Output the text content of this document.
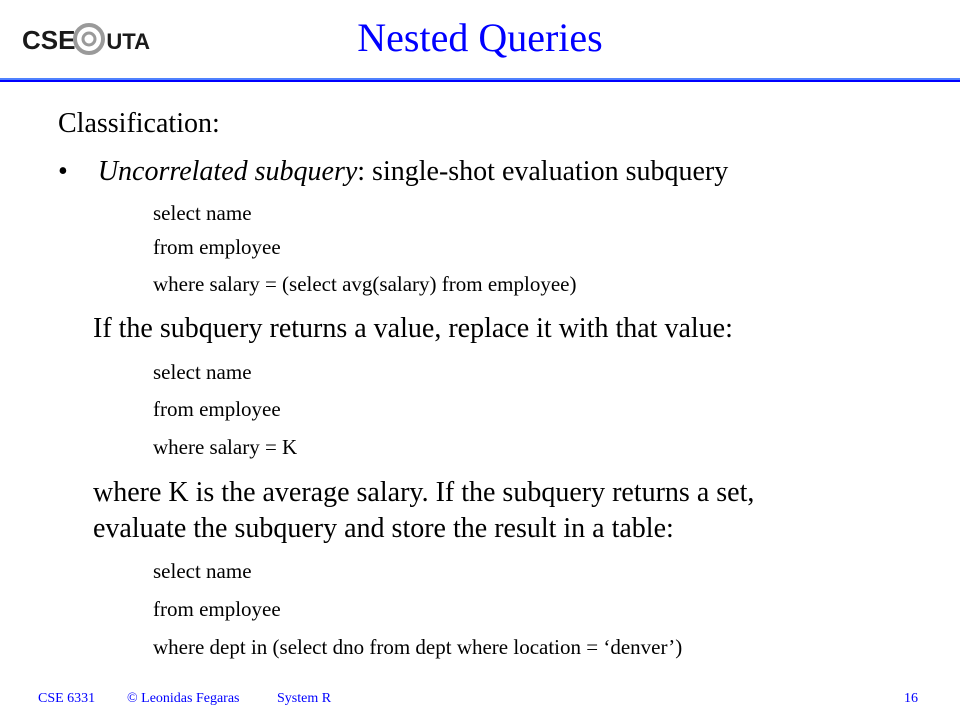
CSE ATU	Nested Queries
Classification:
• Uncorrelated subquery: single-shot evaluation subquery
select name
from employee
where salary = (select avg(salary) from employee)
If the subquery returns a value, replace it with that value:
select name
from employee
where salary = K
where K is the average salary. If the subquery returns a set,
evaluate the subquery and store the result in a table:
select name
from employee
where dept in (select dno from dept where location = ‘denver’)
CSE 6331 © Leonidas Fegaras	System R	16
